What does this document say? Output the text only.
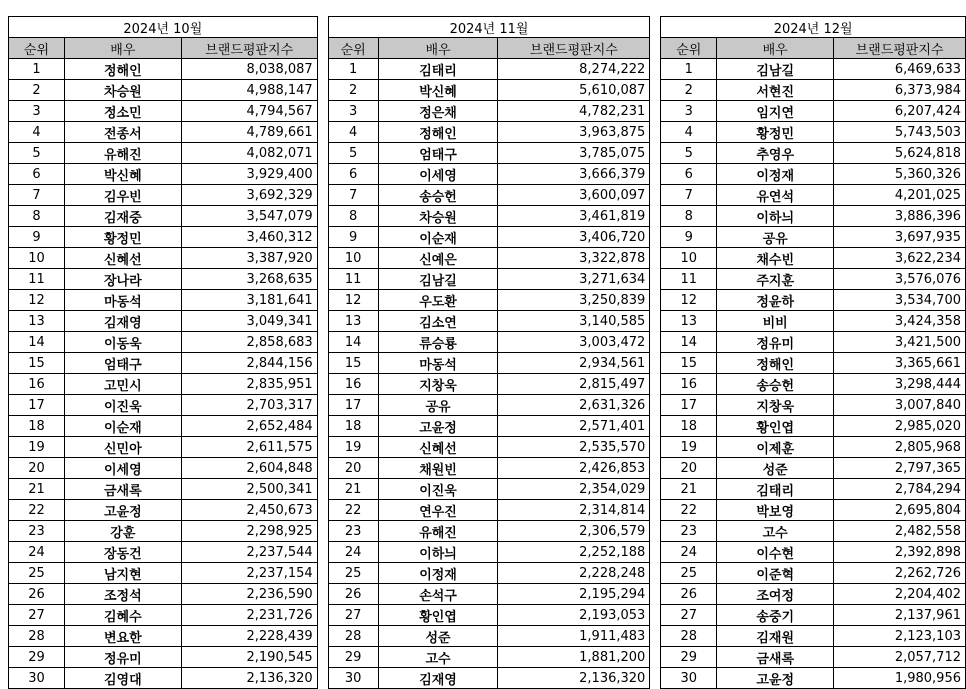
2024년 10월		
순위	배우	브랜드평판지수
1	정해인	8,038,087
2	차승원	4,988,147
3	정소민	4,794,567
4	전종서	4,789,661
5	유해진	4,082,071
6	박신혜	3,929,400
7	김우빈	3,692,329
8	김재중	3,547,079
9	황정민	3,460,312
10	신혜선	3,387,920
11	장나라	3,268,635
12	마동석	3,181,641
13	김재영	3,049,341
14	이동욱	2,858,683
15	엄태구	2,844,156
16	고민시	2,835,951
17	이진욱	2,703,317
18	이순재	2,652,484
19	신민아	2,611,575
20	이세영	2,604,848
21	금새록	2,500,341
22	고윤정	2,450,673
23	강훈	2,298,925
24	장동건	2,237,544
25	남지현	2,237,154
26	조정석	2,236,590
27	김혜수	2,231,726
28	변요한	2,228,439
29	정유미	2,190,545
30	김영대	2,136,320
2024년 11월		
순위	배우	브랜드평판지수
1	김태리	8,274,222
2	박신혜	5,610,087
3	정은채	4,782,231
4	정해인	3,963,875
5	엄태구	3,785,075
6	이세영	3,666,379
7	송승헌	3,600,097
8	차승원	3,461,819
9	이순재	3,406,720
10	신예은	3,322,878
11	김남길	3,271,634
12	우도환	3,250,839
13	김소연	3,140,585
14	류승룡	3,003,472
15	마동석	2,934,561
16	지창욱	2,815,497
17	공유	2,631,326
18	고윤정	2,571,401
19	신혜선	2,535,570
20	채원빈	2,426,853
21	이진욱	2,354,029
22	연우진	2,314,814
23	유해진	2,306,579
24	이하늬	2,252,188
25	이정재	2,228,248
26	손석구	2,195,294
27	황인엽	2,193,053
28	성준	1,911,483
29	고수	1,881,200
30	김재영	2,136,320
2024년 12월		
순위	배우	브랜드평판지수
1	김남길	6,469,633
2	서현진	6,373,984
3	임지연	6,207,424
4	황정민	5,743,503
5	추영우	5,624,818
6	이정재	5,360,326
7	유연석	4,201,025
8	이하늬	3,886,396
9	공유	3,697,935
10	채수빈	3,622,234
11	주지훈	3,576,076
12	정윤하	3,534,700
13	비비	3,424,358
14	정유미	3,421,500
15	정해인	3,365,661
16	송승헌	3,298,444
17	지창욱	3,007,840
18	황인엽	2,985,020
19	이제훈	2,805,968
20	성준	2,797,365
21	김태리	2,784,294
22	박보영	2,695,804
23	고수	2,482,558
24	이수현	2,392,898
25	이준혁	2,262,726
26	조여정	2,204,402
27	송중기	2,137,961
28	김재원	2,123,103
29	금새록	2,057,712
30	고윤정	1,980,956
